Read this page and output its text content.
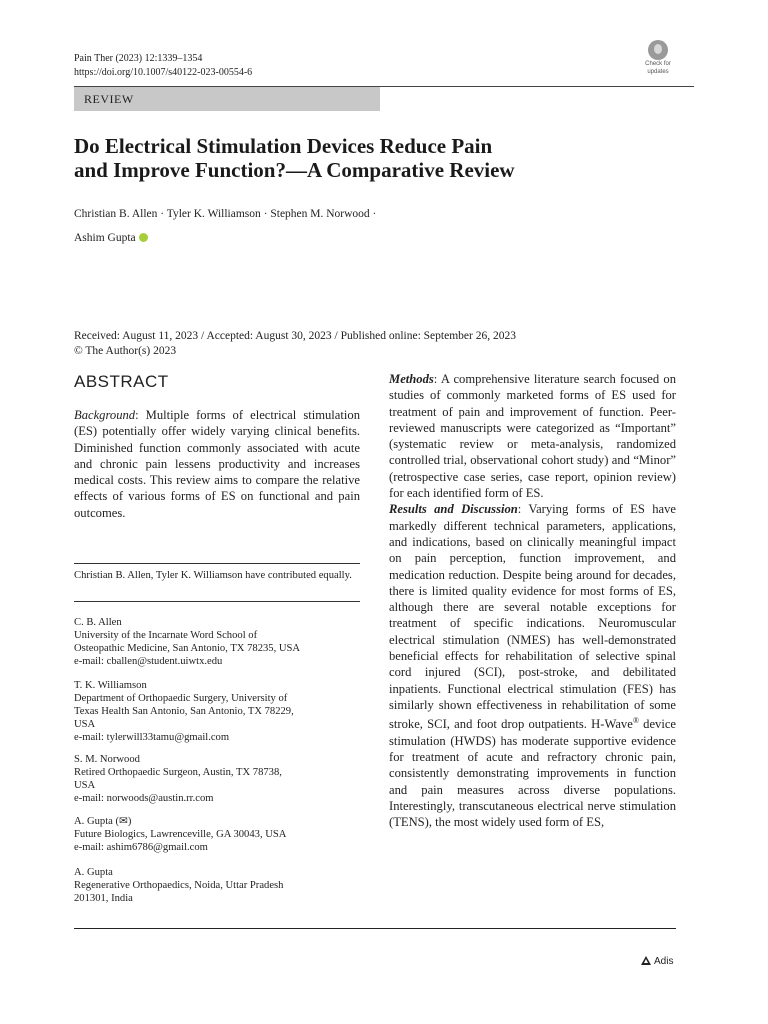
Pain Ther (2023) 12:1339–1354
https://doi.org/10.1007/s40122-023-00554-6
Check for
updates
REVIEW
Do Electrical Stimulation Devices Reduce Pain
and Improve Function?—A Comparative Review
Christian B. Allen · Tyler K. Williamson · Stephen M. Norwood ·
Ashim Gupta
Received: August 11, 2023 / Accepted: August 30, 2023 / Published online: September 26, 2023
© The Author(s) 2023
ABSTRACT
Background: Multiple forms of electrical stimulation (ES) potentially offer widely varying clinical benefits. Diminished function commonly associated with acute and chronic pain lessens productivity and increases medical costs. This review aims to compare the relative effects of various forms of ES on functional and pain outcomes.
Christian B. Allen, Tyler K. Williamson have contributed equally.
C. B. Allen
University of the Incarnate Word School of
Osteopathic Medicine, San Antonio, TX 78235, USA
e-mail: cballen@student.uiwtx.edu
T. K. Williamson
Department of Orthopaedic Surgery, University of
Texas Health San Antonio, San Antonio, TX 78229,
USA
e-mail: tylerwill33tamu@gmail.com
S. M. Norwood
Retired Orthopaedic Surgeon, Austin, TX 78738,
USA
e-mail: norwoods@austin.rr.com
A. Gupta (✉)
Future Biologics, Lawrenceville, GA 30043, USA
e-mail: ashim6786@gmail.com
A. Gupta
Regenerative Orthopaedics, Noida, Uttar Pradesh
201301, India

Methods: A comprehensive literature search focused on studies of commonly marketed forms of ES used for treatment of pain and improvement of function. Peer-reviewed manuscripts were categorized as “Important” (systematic review or meta-analysis, randomized controlled trial, observational cohort study) and “Minor” (retrospective case series, case report, opinion review) for each identified form of ES.

Results and Discussion: Varying forms of ES have markedly different technical parameters, applications, and indications, based on clinically meaningful impact on pain perception, function improvement, and medication reduction. Despite being around for decades, there is limited quality evidence for most forms of ES, although there are several notable exceptions for treatment of specific indications. Neuromuscular electrical stimulation (NMES) has well-demonstrated beneficial effects for rehabilitation of selective spinal cord injured (SCI), post-stroke, and debilitated inpatients. Functional electrical stimulation (FES) has similarly shown effectiveness in rehabilitation of some stroke, SCI, and foot drop outpatients. H-Wave® device stimulation (HWDS) has moderate supportive evidence for treatment of acute and refractory chronic pain, consistently demonstrating improvements in function and pain measures across diverse populations. Interestingly, transcutaneous electrical nerve stimulation (TENS), the most widely used form of ES,

Adis
